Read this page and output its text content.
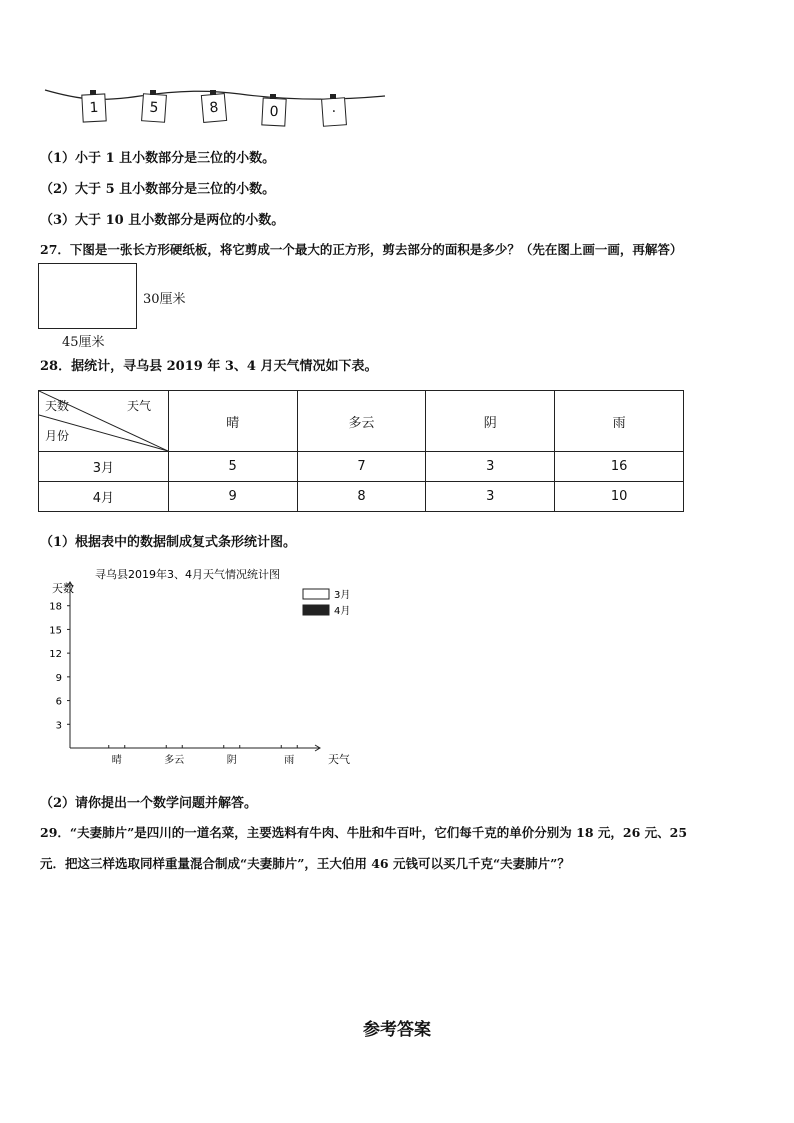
1	5	8	0	·
（1）小于 1 且小数部分是三位的小数。
（2）大于 5 且小数部分是三位的小数。
（3）大于 10 且小数部分是两位的小数。
27．下图是一张长方形硬纸板，将它剪成一个最大的正方形，剪去部分的面积是多少？（先在图上画一画，再解答）
30厘米
45厘米
28．据统计，寻乌县 2019 年 3、4 月天气情况如下表。
天数 天气
月份	晴	多云	阴	雨
3月	5	7	3	16
4月	9	8	3	10
（1）根据表中的数据制成复式条形统计图。
寻乌县2019年3、4月天气情况统计图
天数
天气
3
6
9
12
15
18
晴	多云	阴	雨
3月
4月
（2）请你提出一个数学问题并解答。
29．“夫妻肺片”是四川的一道名菜，主要选料有牛肉、牛肚和牛百叶，它们每千克的单价分别为 18 元，26 元、25
元．把这三样选取同样重量混合制成“夫妻肺片”，王大伯用 46 元钱可以买几千克“夫妻肺片”？
参考答案
